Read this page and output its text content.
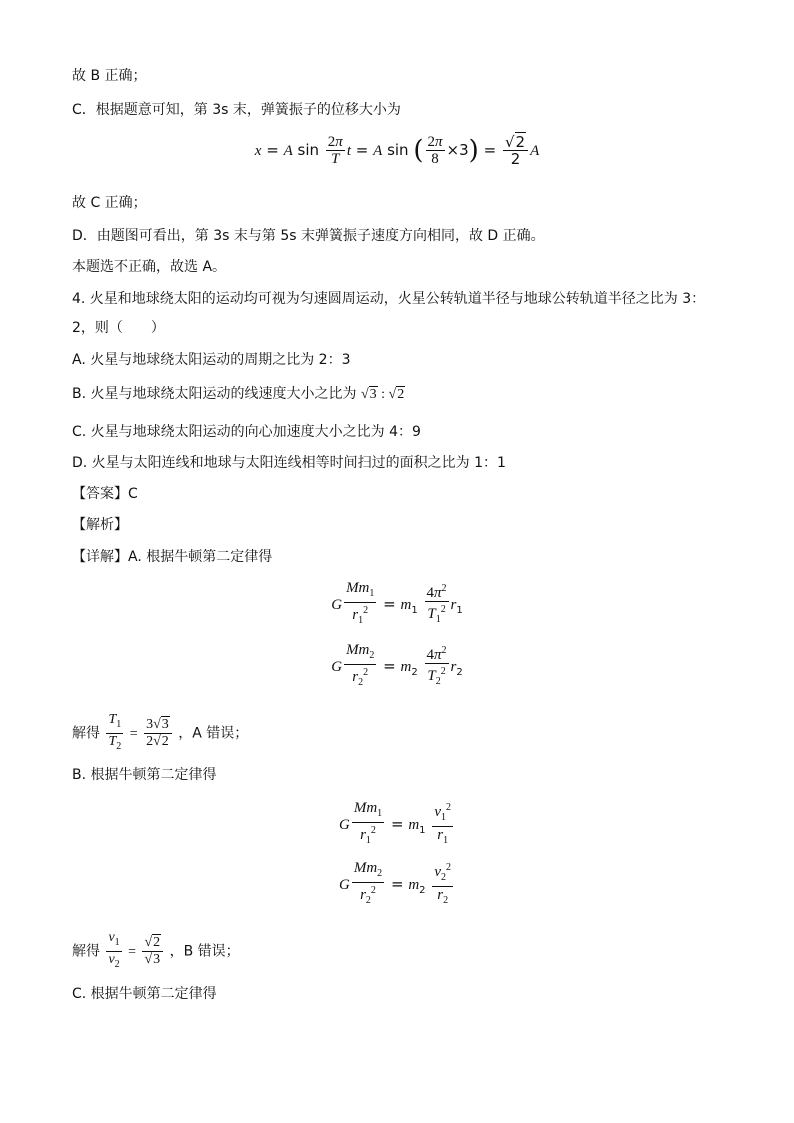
故 B 正确；
C．根据题意可知，第 3s 末，弹簧振子的位移大小为
x = A $\sin \frac{2\pi}{T}$ t = A sin ( $\frac{2\pi}{8} \times 3) = \frac{√2}{2}$ A
故 C 正确；
D．由题图可看出，第 3s 末与第 5s 末弹簧振子速度方向相同，故 D 正确。
本题选不正确，故选 A。
4. 火星和地球绕太阳的运动均可视为匀速圆周运动，火星公转轨道半径与地球公转轨道半径之比为 3：
2，则（　　）
A. 火星与地球绕太阳运动的周期之比为 2：3
B. 火星与地球绕太阳运动的线速度大小之比为 √3 : √2
C. 火星与地球绕太阳运动的向心加速度大小之比为 4：9
D. 火星与太阳连线和地球与太阳连线相等时间扫过的面积之比为 1：1
【答案】C
【解析】
【详解】A. 根据牛顿第二定律得
G $\frac{Mm_1}{r_1^2} = m_1 \frac{4\pi^2}{T_1^2} r_1$
G $\frac{Mm_2}{r_2^2} = m_2 \frac{4\pi^2}{T_2^2} r_2$
解得 $\frac{T_1}{T_2} = \frac{3√3}{2√2}$ ，A 错误；
B. 根据牛顿第二定律得
G $\frac{Mm_1}{r_1^2} = m_1 \frac{v_1^2}{r_1}$
G $\frac{Mm_2}{r_2^2} = m_2 \frac{v_2^2}{r_2}$
解得 $\frac{v_1}{v_2} = \frac{√2}{√3}$ ，B 错误；
C. 根据牛顿第二定律得
